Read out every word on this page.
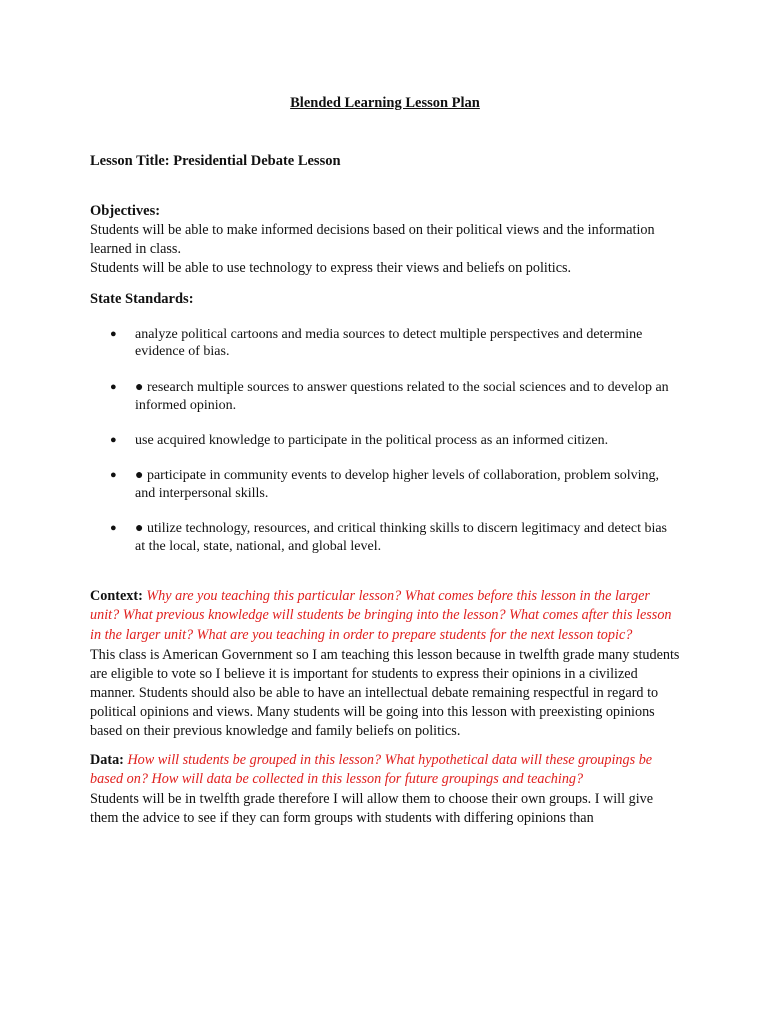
Blended Learning Lesson Plan
Lesson Title: Presidential Debate Lesson
Objectives:

Students will be able to make informed decisions based on their political views and the information learned in class.

Students will be able to use technology to express their views and beliefs on politics.

State Standards:
● analyze political cartoons and media sources to detect multiple perspectives and determine evidence of bias.
● ● research multiple sources to answer questions related to the social sciences and to develop an informed opinion.
● use acquired knowledge to participate in the political process as an informed citizen.
● ● participate in community events to develop higher levels of collaboration, problem solving, and interpersonal skills.
● ● utilize technology, resources, and critical thinking skills to discern legitimacy and detect bias at the local, state, national, and global level.

Context: Why are you teaching this particular lesson? What comes before this lesson in the larger unit? What previous knowledge will students be bringing into the lesson? What comes after this lesson in the larger unit? What are you teaching in order to prepare students for the next lesson topic?

This class is American Government so I am teaching this lesson because in twelfth grade many students are eligible to vote so I believe it is important for students to express their opinions in a civilized manner. Students should also be able to have an intellectual debate remaining respectful in regard to political opinions and views. Many students will be going into this lesson with preexisting opinions based on their previous knowledge and family beliefs on politics.

Data: How will students be grouped in this lesson? What hypothetical data will these groupings be based on? How will data be collected in this lesson for future groupings and teaching?

Students will be in twelfth grade therefore I will allow them to choose their own groups. I will give them the advice to see if they can form groups with students with differing opinions than
